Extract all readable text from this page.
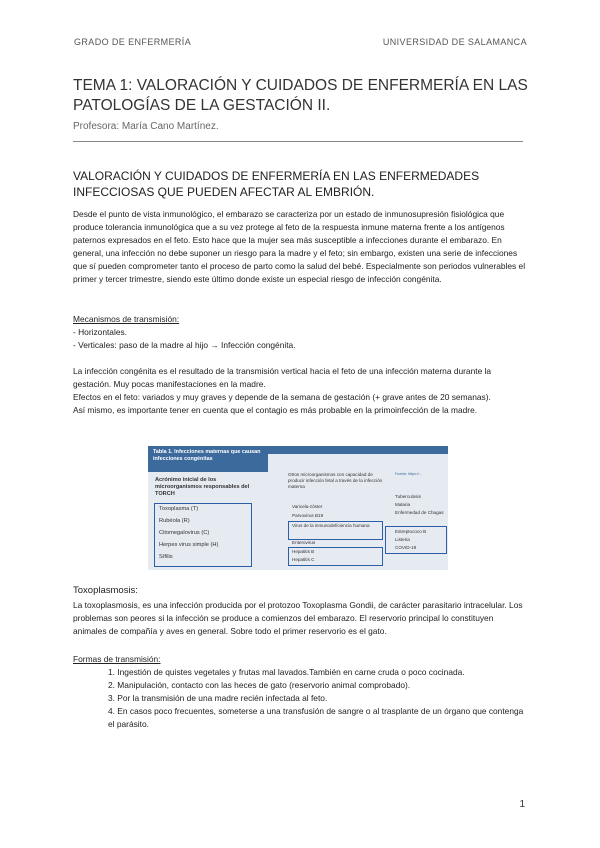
GRADO DE ENFERMERÍA	UNIVERSIDAD DE SALAMANCA
TEMA 1: VALORACIÓN Y CUIDADOS DE ENFERMERÍA EN LAS PATOLOGÍAS DE LA GESTACIÓN II.
Profesora: María Cano Martínez.
VALORACIÓN Y CUIDADOS DE ENFERMERÍA EN LAS ENFERMEDADES INFECCIOSAS QUE PUEDEN AFECTAR AL EMBRIÓN.

Desde el punto de vista inmunológico, el embarazo se caracteriza por un estado de inmunosupresión fisiológica que produce tolerancia inmunológica que a su vez protege al feto de la respuesta inmune materna frente a los antígenos paternos expresados en el feto. Esto hace que la mujer sea más susceptible a infecciones durante el embarazo. En general, una infección no debe suponer un riesgo para la madre y el feto; sin embargo, existen una serie de infecciones que sí pueden comprometer tanto el proceso de parto como la salud del bebé. Especialmente son periodos vulnerables el primer y tercer trimestre, siendo este último donde existe un especial riesgo de infección congénita.

Mecanismos de transmisión:
- Horizontales.
- Verticales: paso de la madre al hijo → Infección congénita.
La infección congénita es el resultado de la transmisión vertical hacia el feto de una infección materna durante la gestación. Muy pocas manifestaciones en la madre.
Efectos en el feto: variados y muy graves y depende de la semana de gestación (+ grave antes de 20 semanas).
Así mismo, es importante tener en cuenta que el contagio es más probable en la primoinfección de la madre.
Tabla 1. Infecciones maternas que causan infecciones congénitas
Acrónimo inicial de los microorganismos responsables del TORCH
Toxoplasma (T)
Rubéola (R)
Citomegalovirus (C)
Herpes virus simple (H)
Sífilis
Otros microorganismos con capacidad de producir infección fetal a través de la infección materna
Varicela-zóster
Parvovirus B19
Virus de la inmunodeficiencia humana
Enterovirus
Hepatitis B
Hepatitis C
Fuente: https://...
Tuberculosis
Malaria
Enfermedad de Chagas
Estreptococo B
Listeria
COVID-19
Toxoplasmosis:

La toxoplasmosis, es una infección producida por el protozoo Toxoplasma Gondii, de carácter parasitario intracelular. Los problemas son peores si la infección se produce a comienzos del embarazo. El reservorio principal lo constituyen animales de compañía y aves en general. Sobre todo el primer reservorio es el gato.

Formas de transmisión:
1. Ingestión de quistes vegetales y frutas mal lavados.También en carne cruda o poco cocinada.
2. Manipulación, contacto con las heces de gato (reservorio animal comprobado).
3. Por la transmisión de una madre recién infectada al feto.
4. En casos poco frecuentes, someterse a una transfusión de sangre o al trasplante de un órgano que contenga el parásito.
1
